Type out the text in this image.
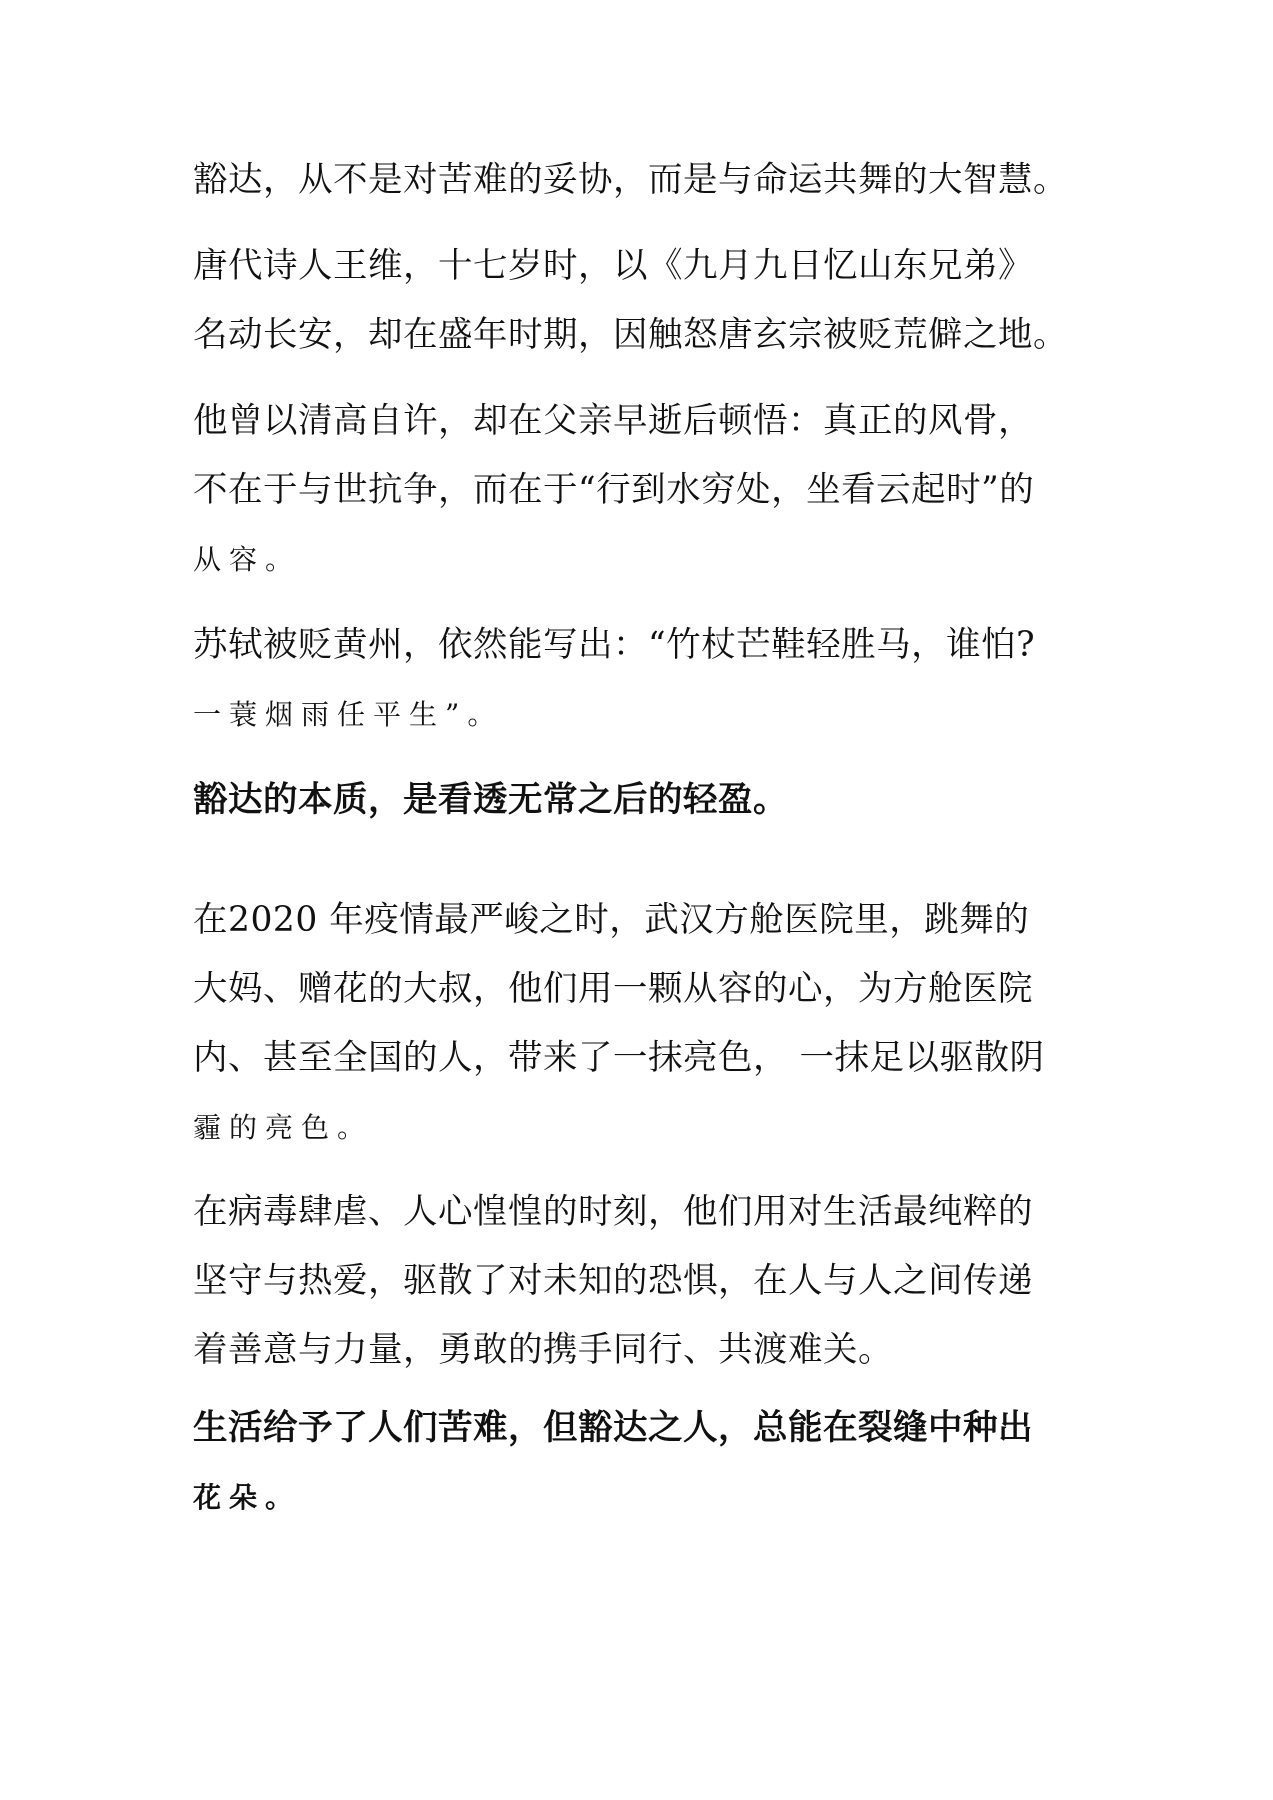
豁达，从不是对苦难的妥协，而是与命运共舞的大智慧。

唐代诗人王维，十七岁时，以《九月九日忆山东兄弟》
名动长安，却在盛年时期，因触怒唐玄宗被贬荒僻之地。

他曾以清高自许，却在父亲早逝后顿悟：真正的风骨，
不在于与世抗争，而在于“行到水穷处，坐看云起时”的
从容。

苏轼被贬黄州，依然能写出：“竹杖芒鞋轻胜马，谁怕?
一蓑烟雨任平生”。

豁达的本质，是看透无常之后的轻盈。

在2020 年疫情最严峻之时，武汉方舱医院里，跳舞的
大妈、赠花的大叔，他们用一颗从容的心，为方舱医院
内、甚至全国的人，带来了一抹亮色， 一抹足以驱散阴
霾的亮色。

在病毒肆虐、人心惶惶的时刻，他们用对生活最纯粹的
坚守与热爱，驱散了对未知的恐惧，在人与人之间传递
着善意与力量，勇敢的携手同行、共渡难关。

生活给予了人们苦难，但豁达之人，总能在裂缝中种出
花朵。
